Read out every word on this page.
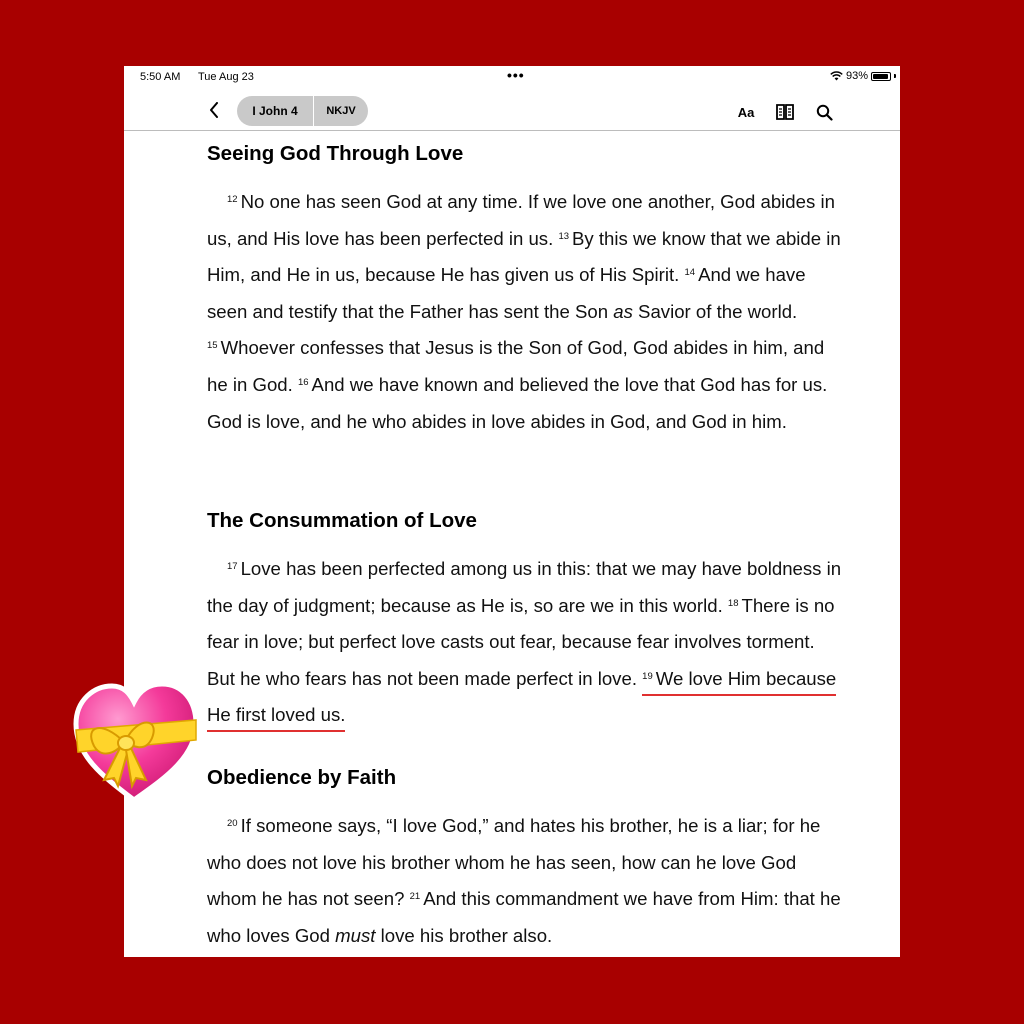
5:50 AM Tue Aug 23	•••	93%
I John 4	NKJV	Aa
Seeing God Through Love

$^{12}$ No one has seen God at any time. If we love one another, God abides in us, and His love has been perfected in us. $^{13}$ By this we know that we abide in Him, and He in us, because He has given us of His Spirit. $^{14}$ And we have seen and testify that the Father has sent the Son as Savior of the world. $^{15}$ Whoever confesses that Jesus is the Son of God, God abides in him, and he in God. $^{16}$ And we have known and believed the love that God has for us. God is love, and he who abides in love abides in God, and God in him.

The Consummation of Love

$^{17}$ Love has been perfected among us in this: that we may have boldness in the day of judgment; because as He is, so are we in this world. $^{18}$ There is no fear in love; but perfect love casts out fear, because fear involves torment. But he who fears has not been made perfect in love. $^{19}$ We love Him because He first loved us.

Obedience by Faith

$^{20}$ If someone says, “I love God,” and hates his brother, he is a liar; for he who does not love his brother whom he has seen, how can he love God whom he has not seen? $^{21}$ And this commandment we have from Him: that he who loves God must love his brother also.
